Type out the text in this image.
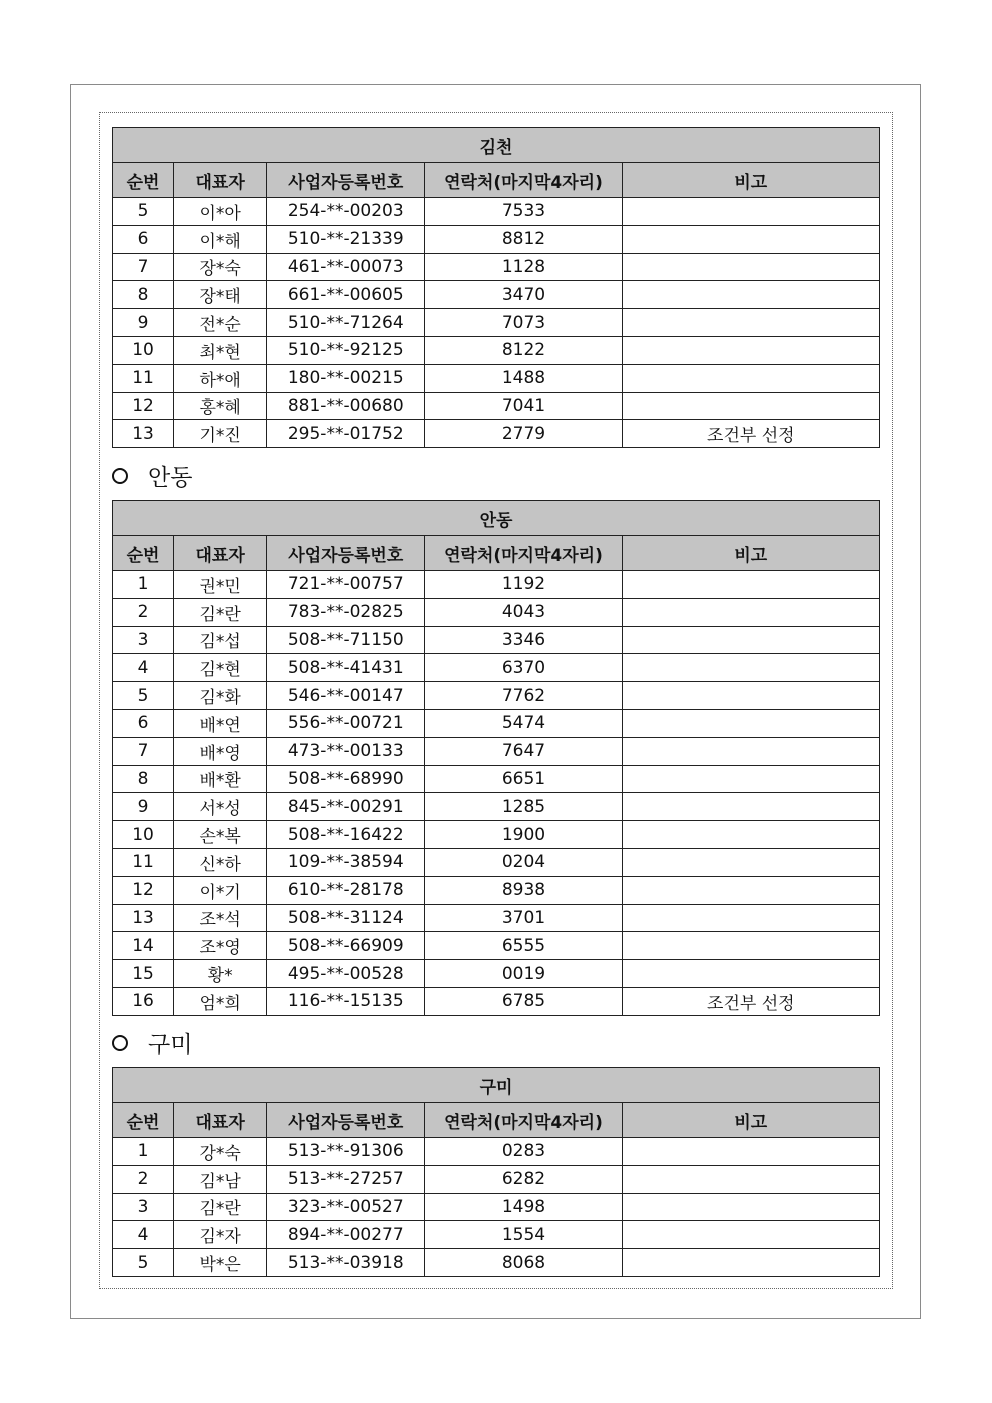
김천				
순번	대표자	사업자등록번호	연락처(마지막4자리)	비고
5	이*아	254-**-00203	7533	
6	이*해	510-**-21339	8812	
7	장*숙	461-**-00073	1128	
8	장*태	661-**-00605	3470	
9	전*순	510-**-71264	7073	
10	최*현	510-**-92125	8122	
11	하*애	180-**-00215	1488	
12	홍*혜	881-**-00680	7041	
13	기*진	295-**-01752	2779	조건부 선정
안동
안동				
순번	대표자	사업자등록번호	연락처(마지막4자리)	비고
1	권*민	721-**-00757	1192	
2	김*란	783-**-02825	4043	
3	김*섭	508-**-71150	3346	
4	김*현	508-**-41431	6370	
5	김*화	546-**-00147	7762	
6	배*연	556-**-00721	5474	
7	배*영	473-**-00133	7647	
8	배*환	508-**-68990	6651	
9	서*성	845-**-00291	1285	
10	손*복	508-**-16422	1900	
11	신*하	109-**-38594	0204	
12	이*기	610-**-28178	8938	
13	조*석	508-**-31124	3701	
14	조*영	508-**-66909	6555	
15	황*	495-**-00528	0019	
16	엄*희	116-**-15135	6785	조건부 선정
구미
구미				
순번	대표자	사업자등록번호	연락처(마지막4자리)	비고
1	강*숙	513-**-91306	0283	
2	김*남	513-**-27257	6282	
3	김*란	323-**-00527	1498	
4	김*자	894-**-00277	1554	
5	박*은	513-**-03918	8068	
